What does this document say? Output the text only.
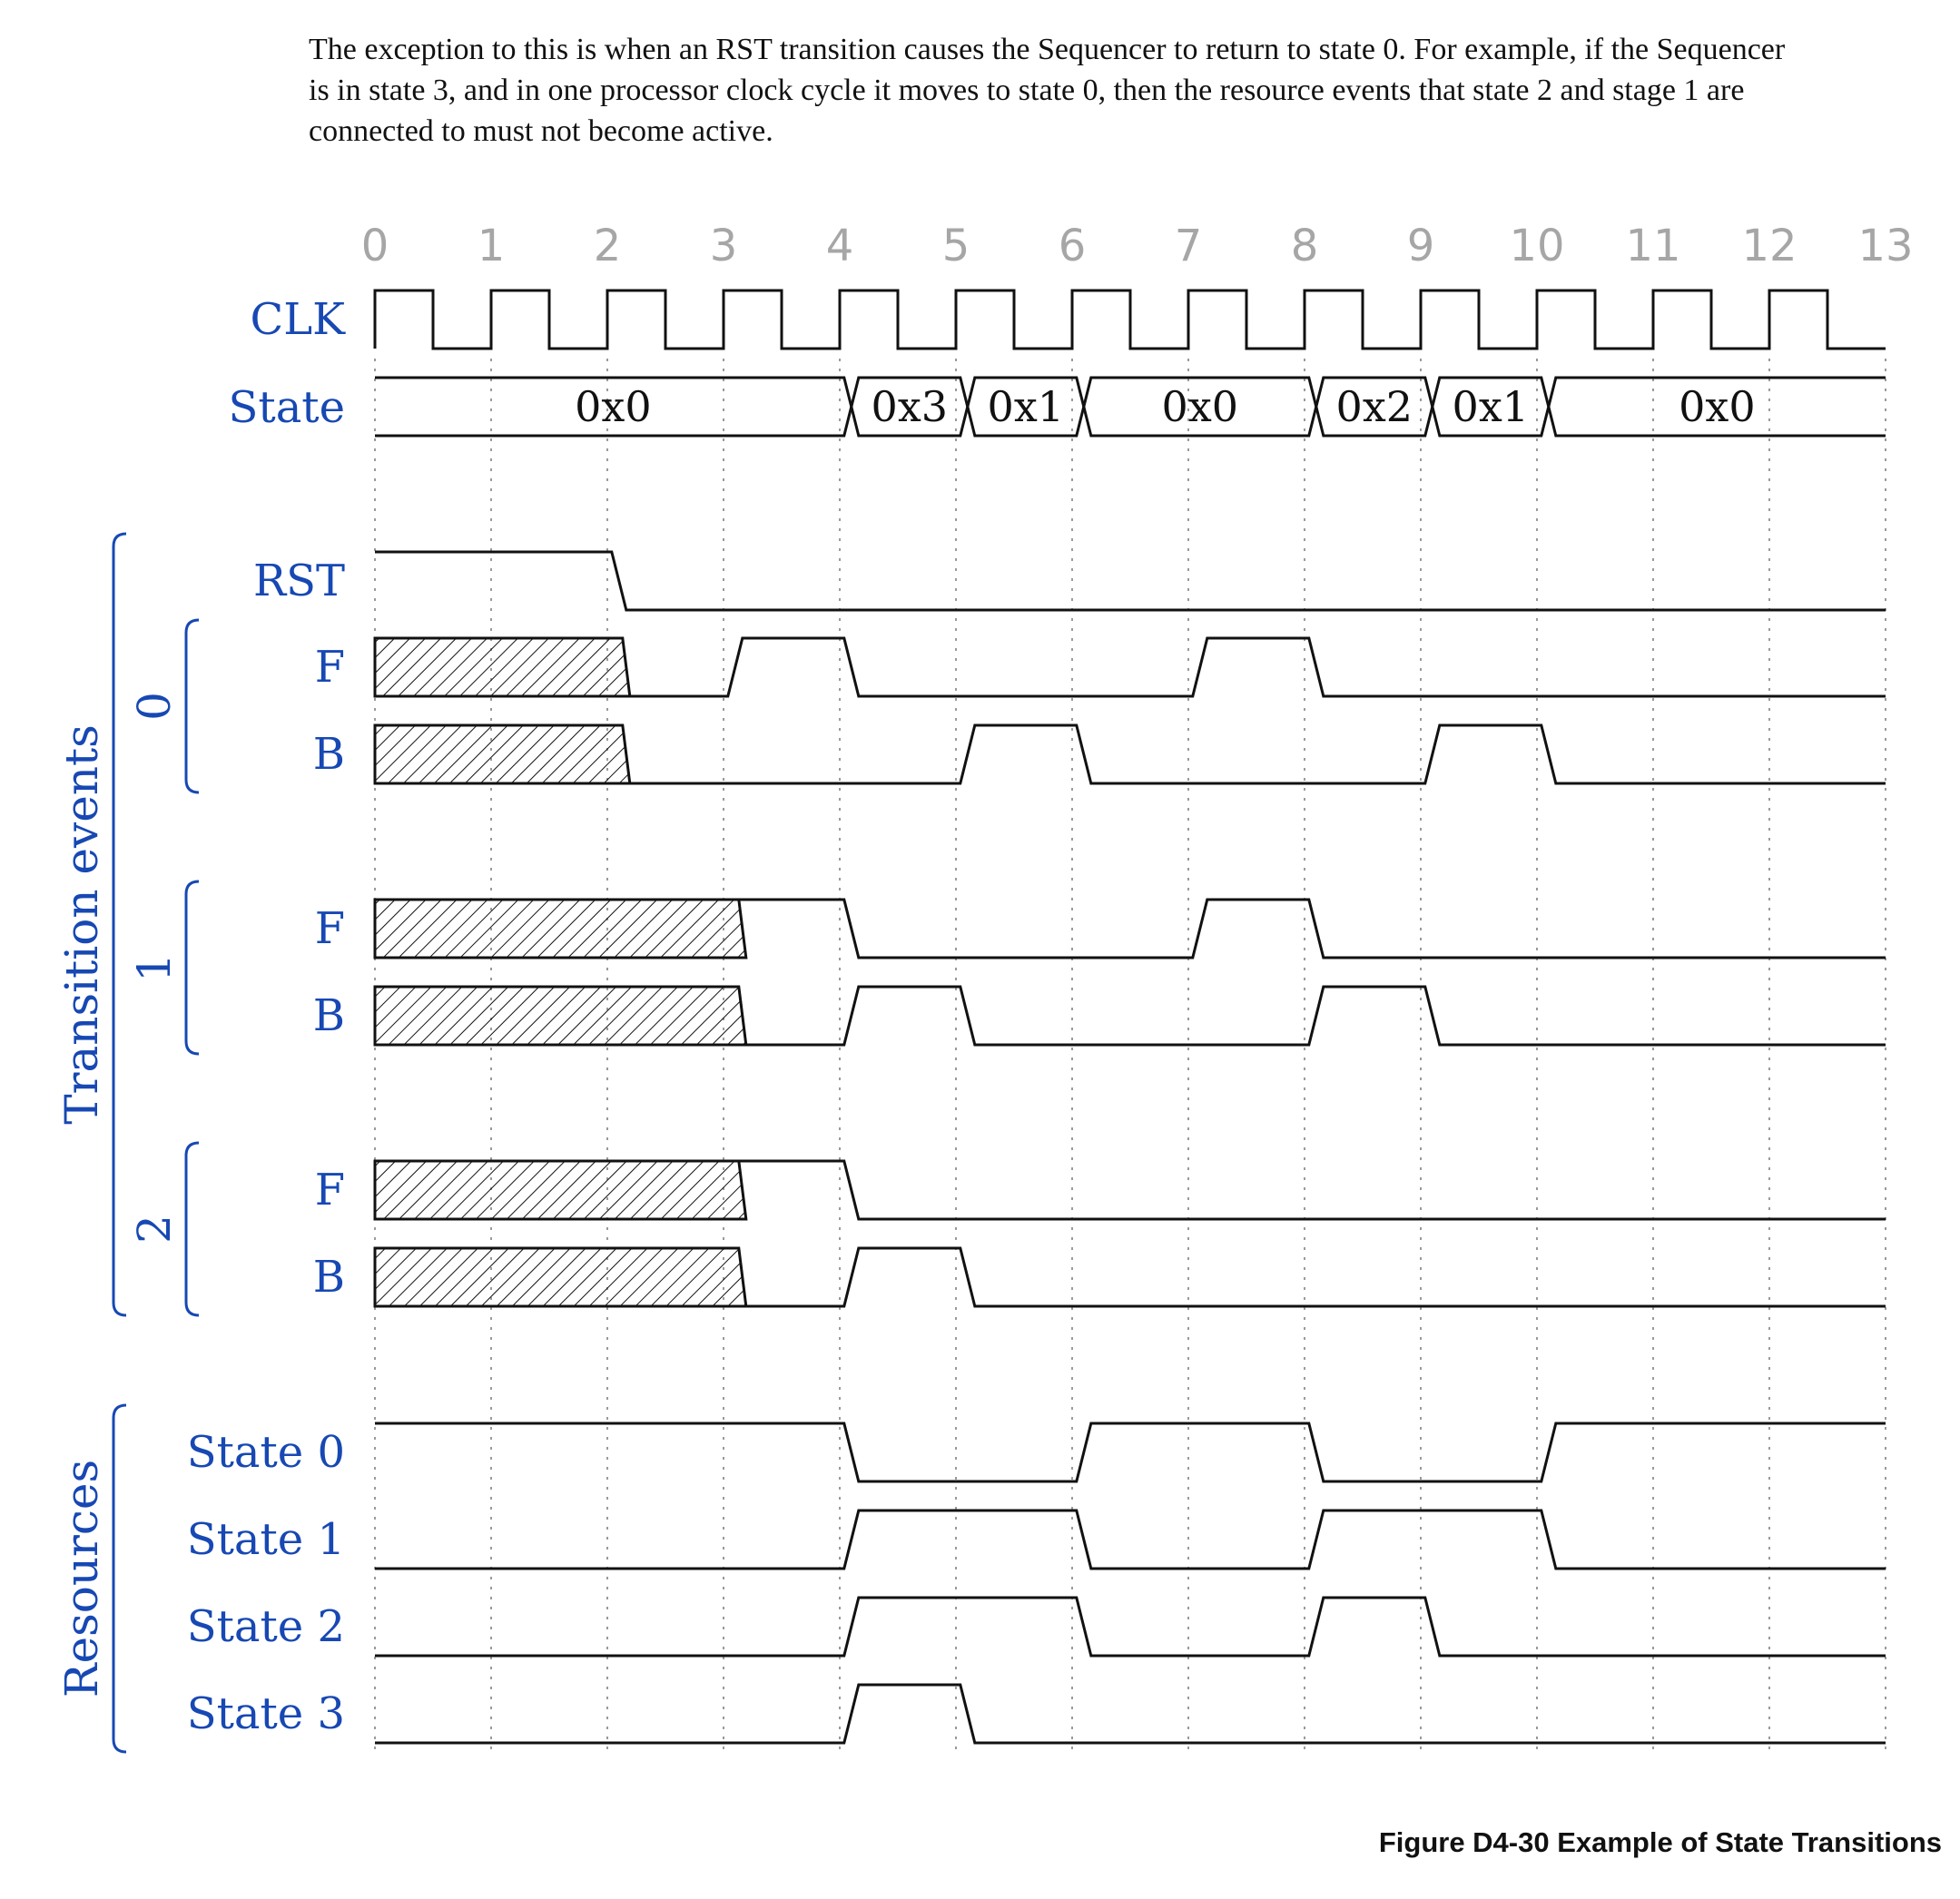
The exception to this is when an RST transition causes the Sequencer to return to state 0. For example, if the Sequencer
is in state 3, and in one processor clock cycle it moves to state 0, then the resource events that state 2 and stage 1 are
connected to must not become active.

0 1 2 3 4 5 6 7 8 9 10 11 12 13
CLK
State
RST
F
B
F
B
F
B
State 0
State 1
State 2
State 3
0x0	0x3 0x1 0x0 0x2 0x1	0x0
Transition events
0
1
2
Resources
Figure D4-30 Example of State Transitions
